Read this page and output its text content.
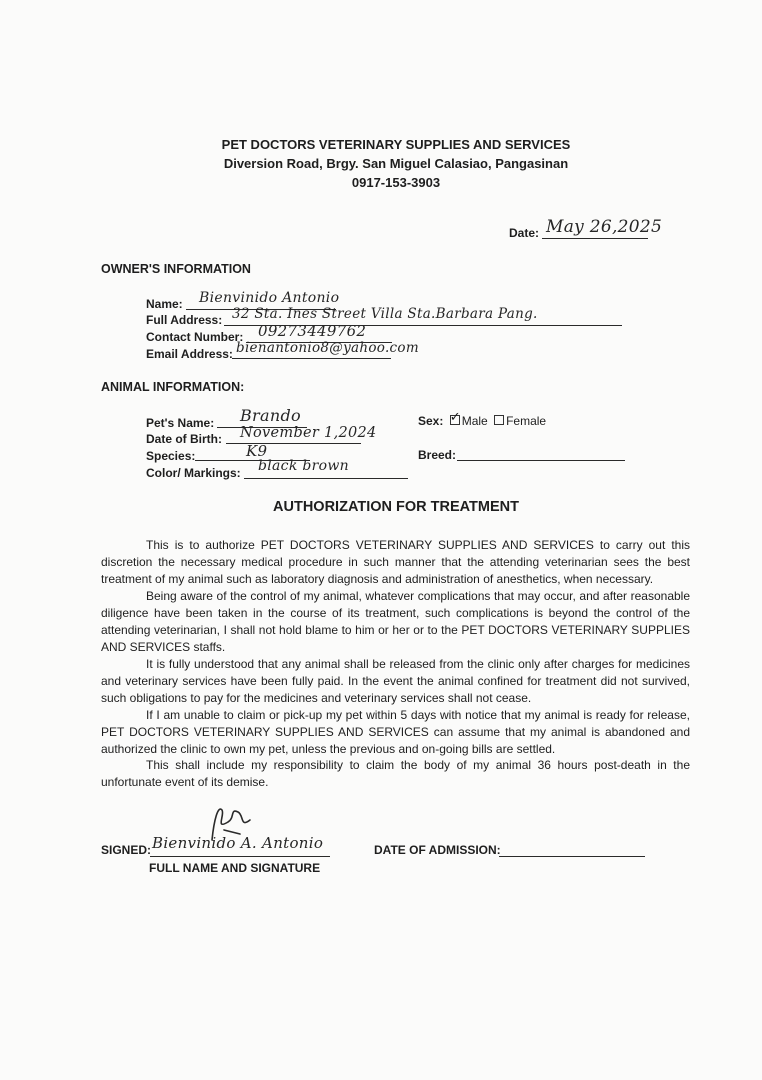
PET DOCTORS VETERINARY SUPPLIES AND SERVICES
Diversion Road, Brgy. San Miguel Calasiao, Pangasinan
0917-153-3903
Date: May 26,2025
OWNER'S INFORMATION
Name: Bienvinido Antonio
Full Address: 32 Sta. Ines Street Villa Sta.Barbara Pang.
Contact Number: 09273449762
Email Address: bienantonio8@yahoo.com
ANIMAL INFORMATION:
Pet's Name: Brando
Date of Birth: November 1,2024
Species:	K9
Color/ Markings: black brown
Sex: ✓ Male Female
Breed:
AUTHORIZATION FOR TREATMENT

This is to authorize PET DOCTORS VETERINARY SUPPLIES AND SERVICES to carry out this discretion the necessary medical procedure in such manner that the attending veterinarian sees the best treatment of my animal such as laboratory diagnosis and administration of anesthetics, when necessary.

Being aware of the control of my animal, whatever complications that may occur, and after reasonable diligence have been taken in the course of its treatment, such complications is beyond the control of the attending veterinarian, I shall not hold blame to him or her or to the PET DOCTORS VETERINARY SUPPLIES AND SERVICES staffs.

It is fully understood that any animal shall be released from the clinic only after charges for medicines and veterinary services have been fully paid. In the event the animal confined for treatment did not survived, such obligations to pay for the medicines and veterinary services shall not cease.

If I am unable to claim or pick-up my pet within 5 days with notice that my animal is ready for release, PET DOCTORS VETERINARY SUPPLIES AND SERVICES can assume that my animal is abandoned and authorized the clinic to own my pet, unless the previous and on-going bills are settled.

This shall include my responsibility to claim the body of my animal 36 hours post-death in the unfortunate event of its demise.

SIGNED: Bienvinido A. Antonio
FULL NAME AND SIGNATURE
DATE OF ADMISSION:
